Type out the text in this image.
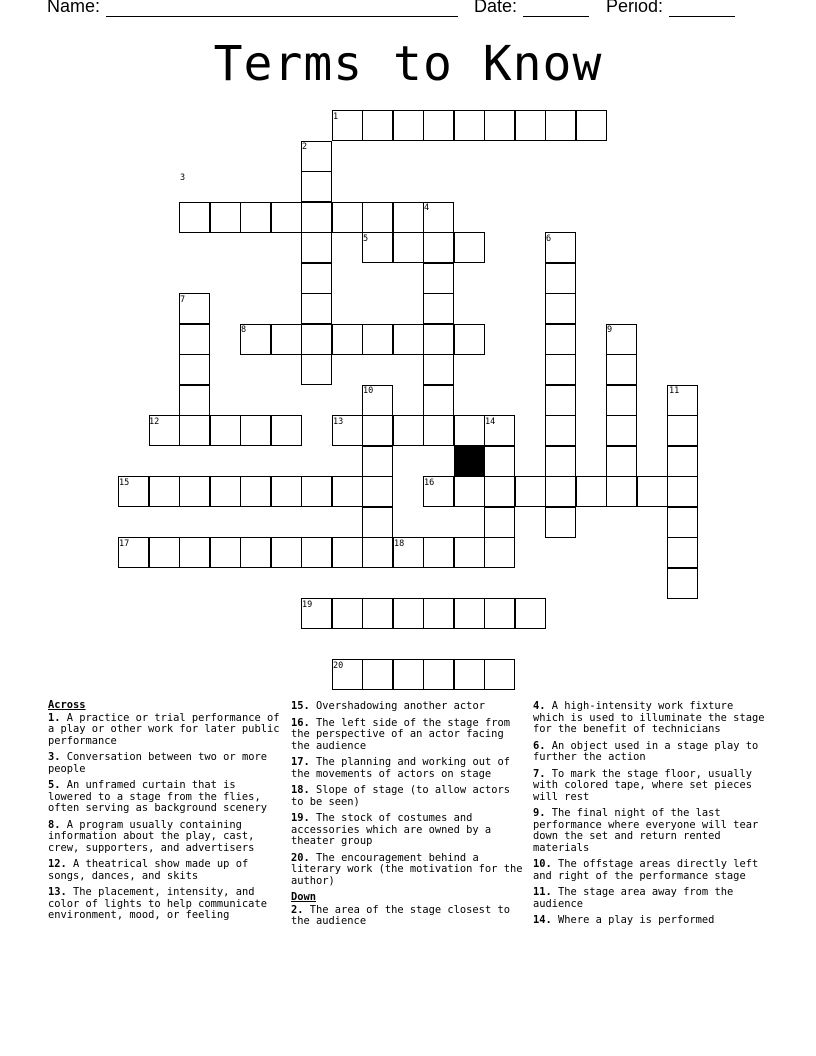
Name:	Date:	Period:
Terms to Know
1
2
3
4
5	6
7
8	9
10	11
12	13	14
15	16
17	18
19
20
Across
1. A practice or trial performance of a play or other work for later public performance
3. Conversation between two or more people
5. An unframed curtain that is lowered to a stage from the flies, often serving as background scenery
8. A program usually containing information about the play, cast, crew, supporters, and advertisers
12. A theatrical show made up of songs, dances, and skits
13. The placement, intensity, and color of lights to help communicate environment, mood, or feeling
15. Overshadowing another actor
16. The left side of the stage from the perspective of an actor facing the audience
17. The planning and working out of the movements of actors on stage
18. Slope of stage (to allow actors to be seen)
19. The stock of costumes and accessories which are owned by a theater group
20. The encouragement behind a literary work (the motivation for the author)
Down
2. The area of the stage closest to the audience
4. A high-intensity work fixture which is used to illuminate the stage for the benefit of technicians
6. An object used in a stage play to further the action
7. To mark the stage floor, usually with colored tape, where set pieces will rest
9. The final night of the last performance where everyone will tear down the set and return rented materials
10. The offstage areas directly left and right of the performance stage
11. The stage area away from the audience
14. Where a play is performed
